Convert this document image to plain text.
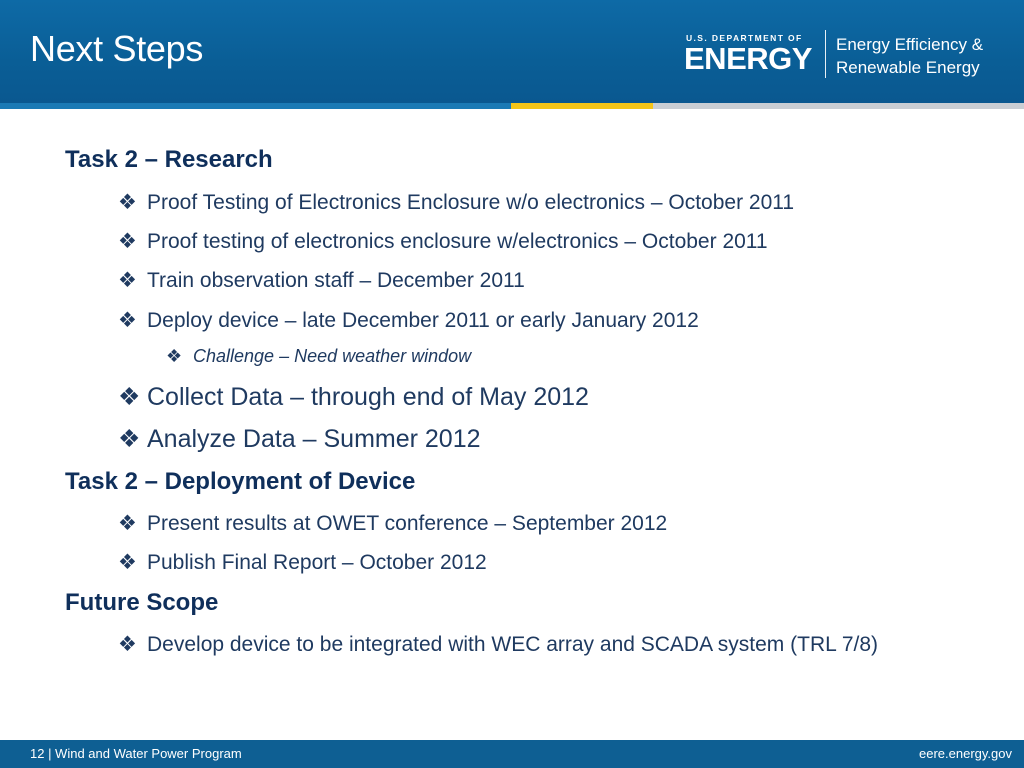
Next Steps	U.S. DEPARTMENT OF
ENERGY Energy Efficiency &
Renewable Energy
Task 2 – Research
❖ Proof Testing of Electronics Enclosure w/o electronics – October 2011
❖ Proof testing of electronics enclosure w/electronics – October 2011
❖ Train observation staff – December 2011
❖ Deploy device – late December 2011 or early January 2012
❖ Challenge – Need weather window
❖ Collect Data – through end of May 2012
❖ Analyze Data – Summer 2012
Task 2 – Deployment of Device
❖ Present results at OWET conference – September 2012
❖ Publish Final Report – October 2012
Future Scope
❖ Develop device to be integrated with WEC array and SCADA system (TRL 7/8)
12 | Wind and Water Power Program	eere.energy.gov
